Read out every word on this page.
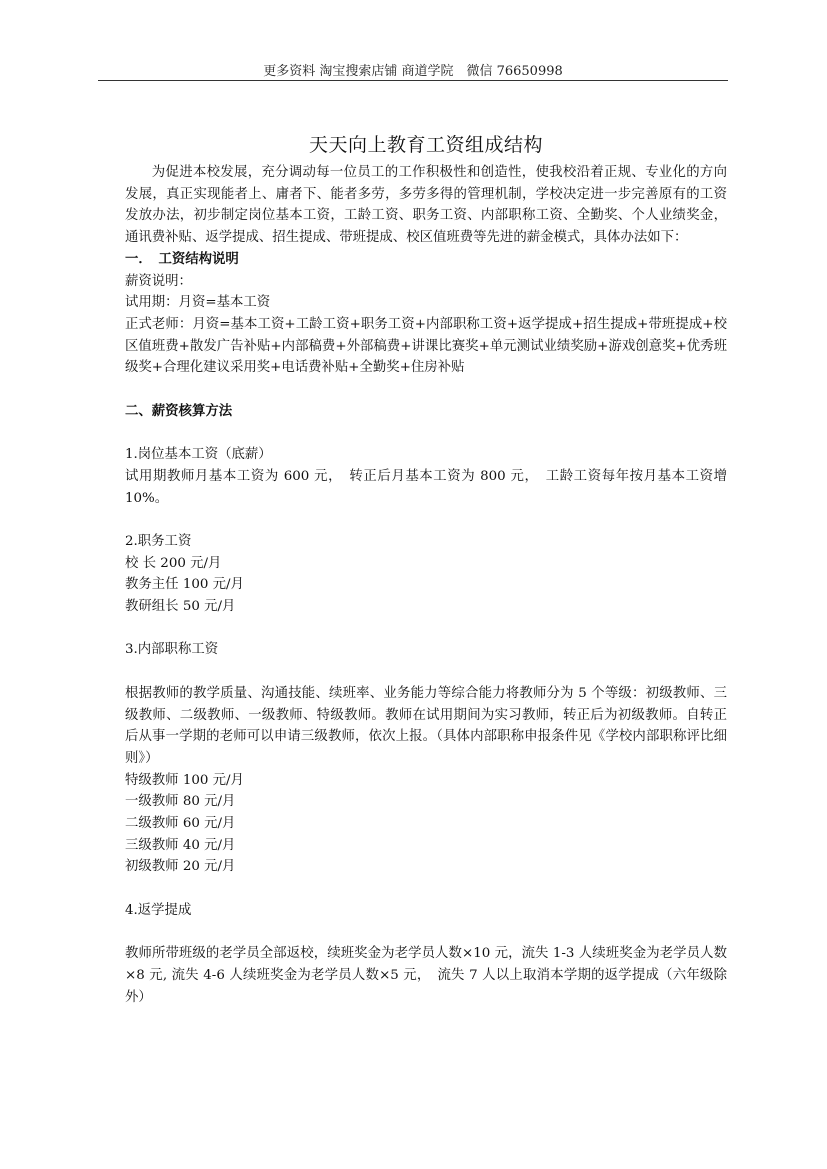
更多资料 淘宝搜索店铺 商道学院　微信 76650998
天天向上教育工资组成结构

为促进本校发展，充分调动每一位员工的工作积极性和创造性，使我校沿着正规、专业化的方向发展，真正实现能者上、庸者下、能者多劳，多劳多得的管理机制，学校决定进一步完善原有的工资发放办法，初步制定岗位基本工资，工龄工资、职务工资、内部职称工资、全勤奖、个人业绩奖金，通讯费补贴、返学提成、招生提成、带班提成、校区值班费等先进的薪金模式，具体办法如下：

一．　工资结构说明

薪资说明：

试用期：月资=基本工资

正式老师：月资=基本工资+工龄工资+职务工资+内部职称工资+返学提成+招生提成+带班提成+校区值班费+散发广告补贴+内部稿费+外部稿费+讲课比赛奖+单元测试业绩奖励+游戏创意奖+优秀班级奖+合理化建议采用奖+电话费补贴+全勤奖+住房补贴

二、薪资核算方法

1.岗位基本工资（底薪）

试用期教师月基本工资为 600 元，　转正后月基本工资为 800 元，　工龄工资每年按月基本工资增 10%。

2.职务工资

校 长 200 元/月

教务主任 100 元/月

教研组长 50 元/月

3.内部职称工资

根据教师的教学质量、沟通技能、续班率、业务能力等综合能力将教师分为 5 个等级：初级教师、三级教师、二级教师、一级教师、特级教师。教师在试用期间为实习教师，转正后为初级教师。自转正后从事一学期的老师可以申请三级教师，依次上报。（具体内部职称申报条件见《学校内部职称评比细则》）

特级教师 100 元/月

一级教师 80 元/月

二级教师 60 元/月

三级教师 40 元/月

初级教师 20 元/月

4.返学提成

教师所带班级的老学员全部返校，续班奖金为老学员人数×10 元，流失 1-3 人续班奖金为老学员人数×8 元, 流失 4-6 人续班奖金为老学员人数×5 元，　流失 7 人以上取消本学期的返学提成（六年级除外）
